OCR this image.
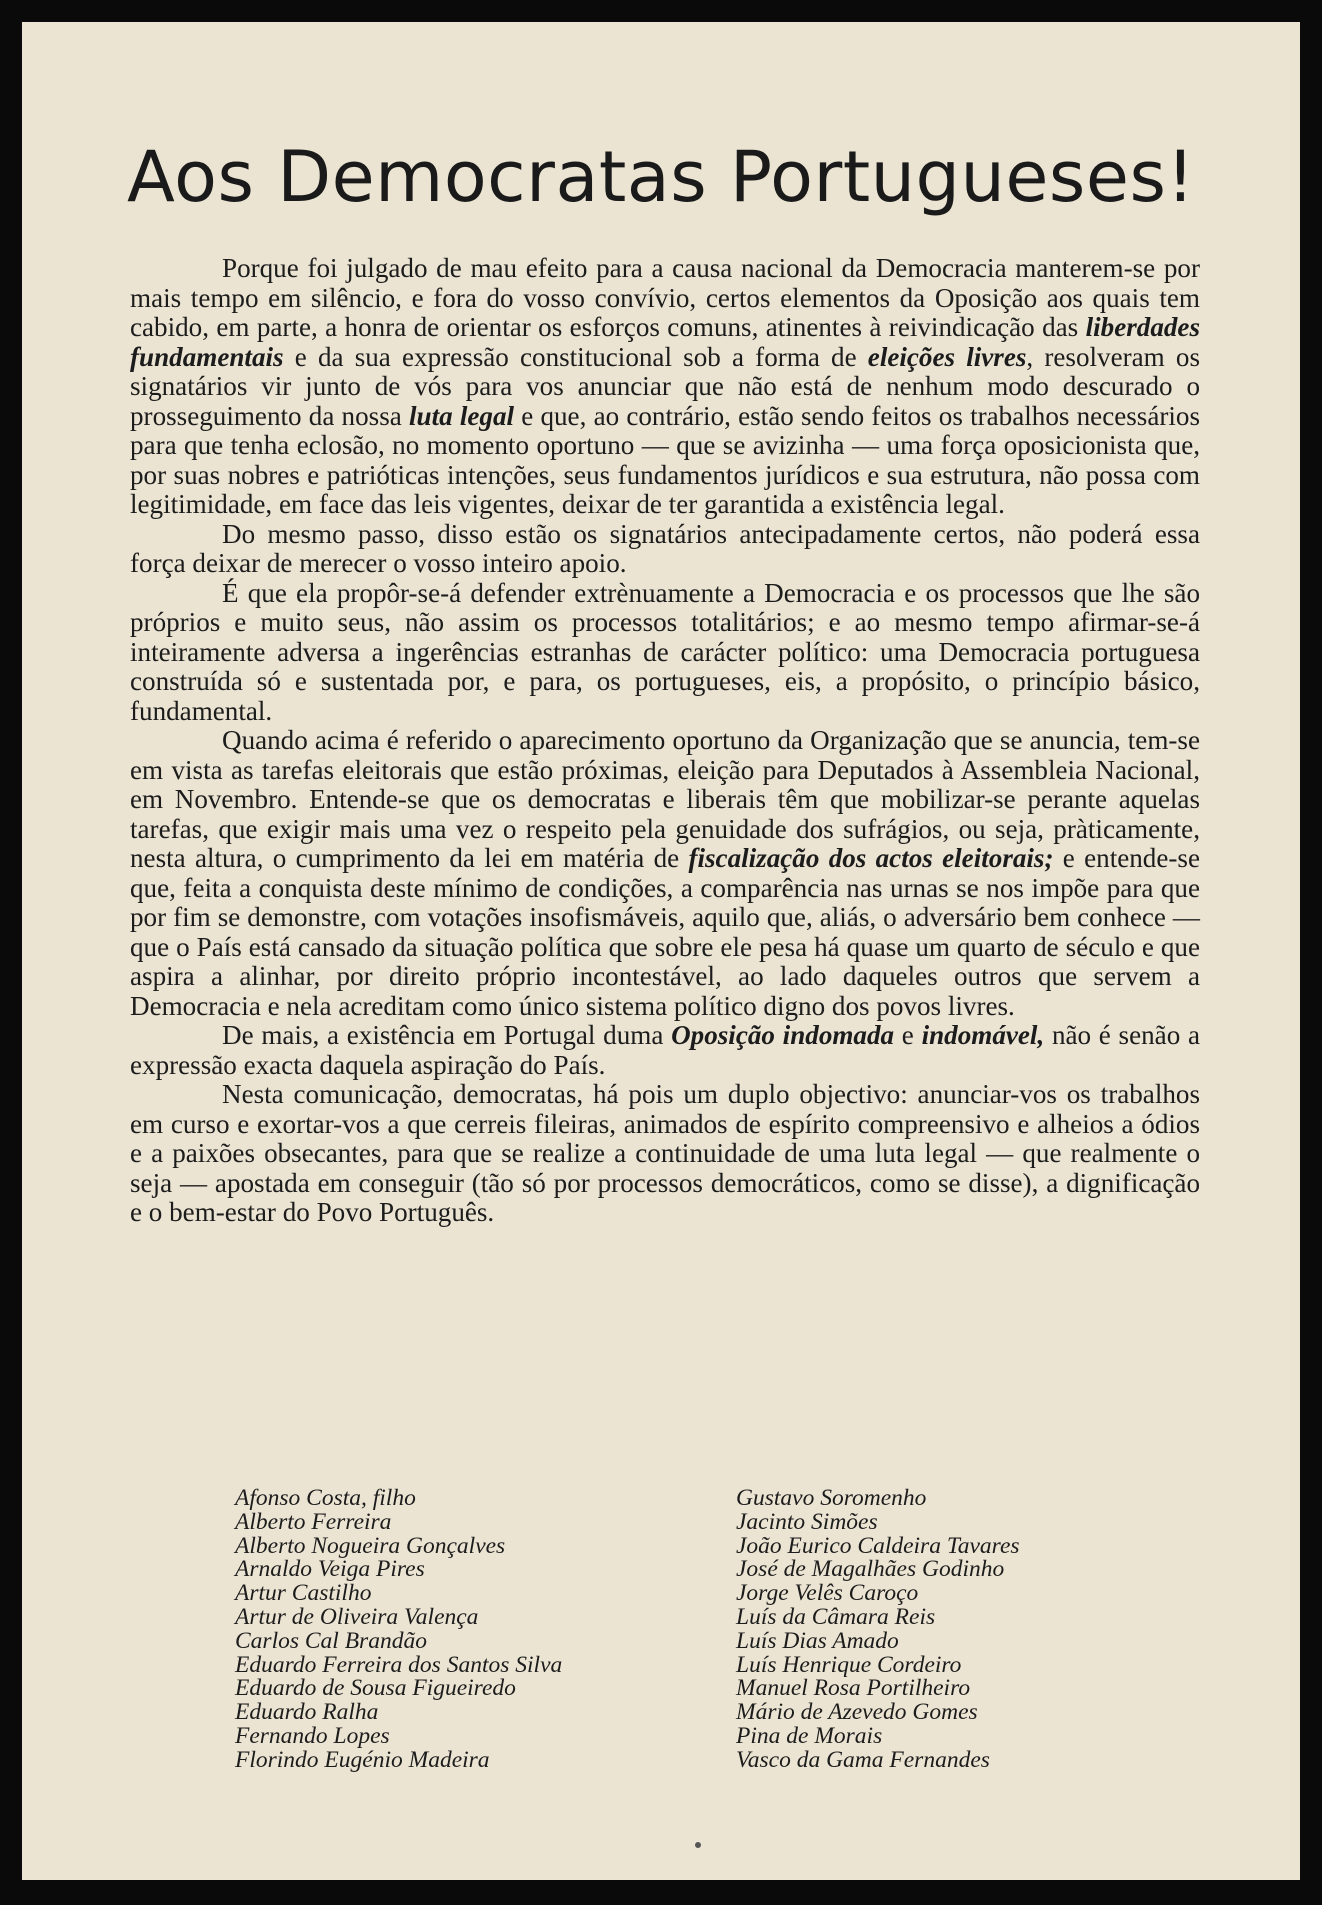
Aos Democratas Portugueses!

Porque foi julgado de mau efeito para a causa nacional da Democracia manterem-se por mais tempo em silêncio, e fora do vosso convívio, certos elementos da Oposição aos quais tem cabido, em parte, a honra de orientar os esforços comuns, atinentes à reivindicação das liberdades fundamentais e da sua expressão constitucional sob a forma de eleições livres, resolveram os signatários vir junto de vós para vos anunciar que não está de nenhum modo descurado o prosseguimento da nossa luta legal e que, ao contrário, estão sendo feitos os trabalhos necessários para que tenha eclosão, no momento oportuno — que se avizinha — uma força oposicionista que, por suas nobres e patrióticas intenções, seus fundamentos jurídicos e sua estrutura, não possa com legitimidade, em face das leis vigentes, deixar de ter garantida a existência legal.

Do mesmo passo, disso estão os signatários antecipadamente certos, não poderá essa força deixar de merecer o vosso inteiro apoio.

É que ela propôr-se-á defender extrènuamente a Democracia e os processos que lhe são próprios e muito seus, não assim os processos totalitários; e ao mesmo tempo afirmar-se-á inteiramente adversa a ingerências estranhas de carácter político: uma Democracia portuguesa construída só e sustentada por, e para, os portugueses, eis, a propósito, o princípio básico, fundamental.

Quando acima é referido o aparecimento oportuno da Organização que se anuncia, tem-se em vista as tarefas eleitorais que estão próximas, eleição para Deputados à Assembleia Nacional, em Novembro. Entende-se que os democratas e liberais têm que mobilizar-se perante aquelas tarefas, que exigir mais uma vez o respeito pela genuidade dos sufrágios, ou seja, pràticamente, nesta altura, o cumprimento da lei em matéria de fiscalização dos actos eleitorais; e entende-se que, feita a conquista deste mínimo de condições, a comparência nas urnas se nos impõe para que por fim se demonstre, com votações insofismáveis, aquilo que, aliás, o adversário bem conhece — que o País está cansado da situação política que sobre ele pesa há quase um quarto de século e que aspira a alinhar, por direito próprio incontestável, ao lado daqueles outros que servem a Democracia e nela acreditam como único sistema político digno dos povos livres.

De mais, a existência em Portugal duma Oposição indomada e indomável, não é senão a expressão exacta daquela aspiração do País.

Nesta comunicação, democratas, há pois um duplo objectivo: anunciar-vos os trabalhos em curso e exortar-vos a que cerreis fileiras, animados de espírito compreensivo e alheios a ódios e a paixões obsecantes, para que se realize a continuidade de uma luta legal — que realmente o seja — apostada em conseguir (tão só por processos democráticos, como se disse), a dignificação e o bem-estar do Povo Português.

Afonso Costa, filho
Alberto Ferreira
Alberto Nogueira Gonçalves
Arnaldo Veiga Pires
Artur Castilho
Artur de Oliveira Valença
Carlos Cal Brandão
Eduardo Ferreira dos Santos Silva
Eduardo de Sousa Figueiredo
Eduardo Ralha
Fernando Lopes
Florindo Eugénio Madeira
Gustavo Soromenho
Jacinto Simões
João Eurico Caldeira Tavares
José de Magalhães Godinho
Jorge Velês Caroço
Luís da Câmara Reis
Luís Dias Amado
Luís Henrique Cordeiro
Manuel Rosa Portilheiro
Mário de Azevedo Gomes
Pina de Morais
Vasco da Gama Fernandes
